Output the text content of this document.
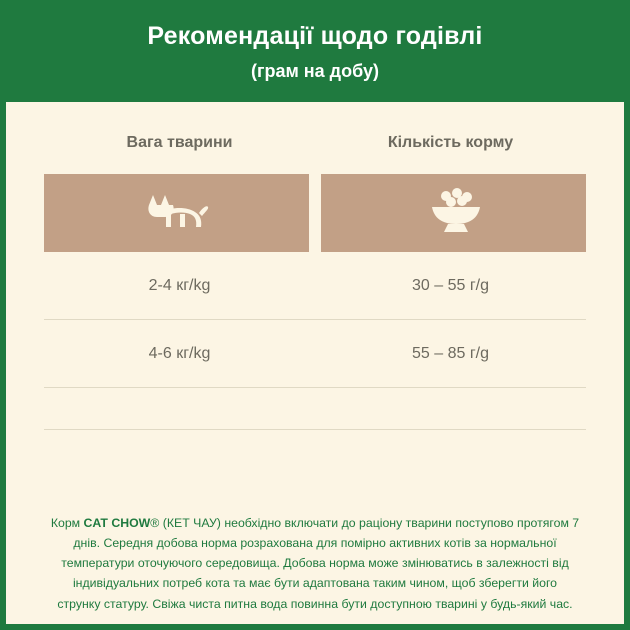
Рекомендації щодо годівлі
(грам на добу)
Вага тварини	Кількість корму
2-4 кг/kg	30 – 55 г/g
4-6 кг/kg	55 – 85 г/g
Корм CAT CHOW® (КЕТ ЧАУ) необхідно включати до раціону тварини поступово протягом 7 днів. Середня добова норма розрахована для помірно активних котів за нормальної температури оточуючого середовища. Добова норма може змінюватись в залежності від індивідуальних потреб кота та має бути адаптована таким чином, щоб зберегти його струнку статуру. Свіжа чиста питна вода повинна бути доступною тварині у будь-який час.
